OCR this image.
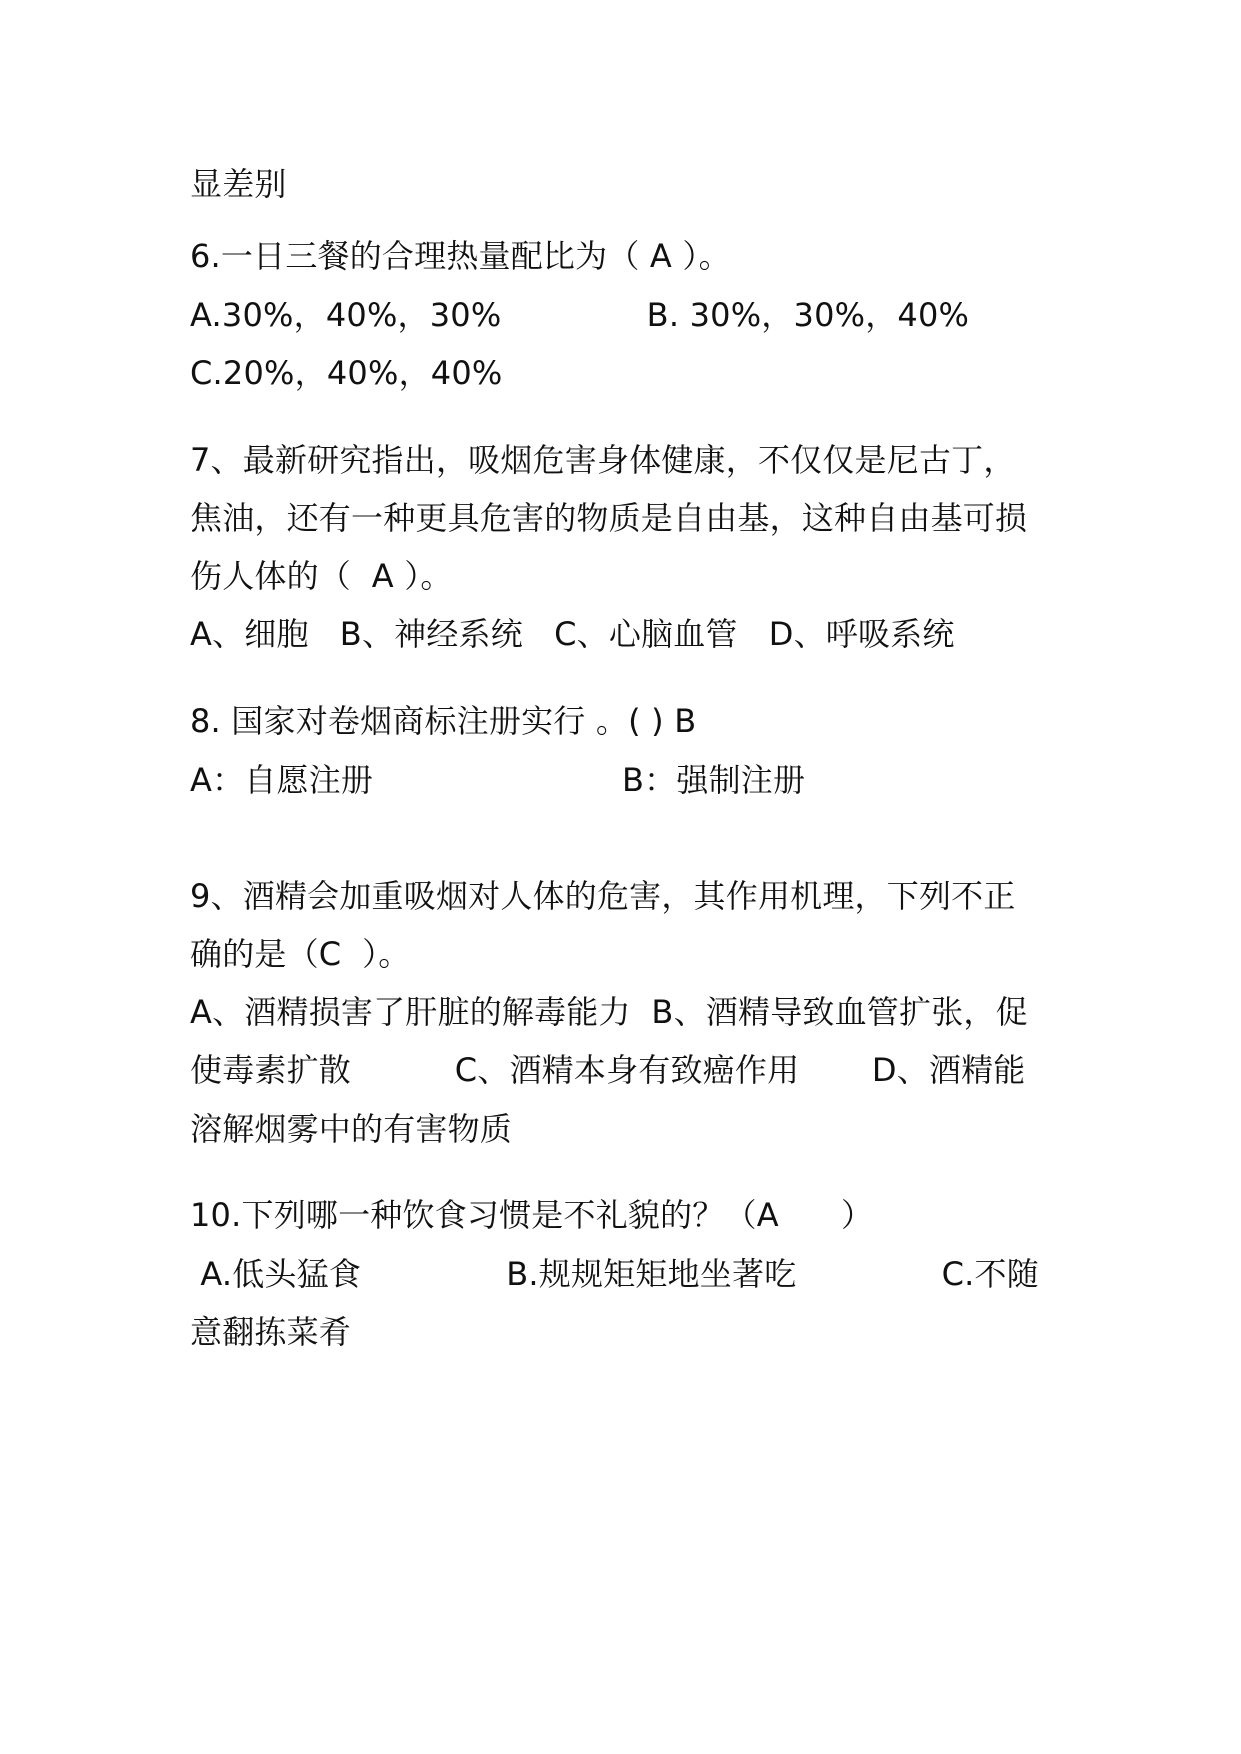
显差别
6.一日三餐的合理热量配比为（ A ）。
A.30%，40%，30%              B. 30%，30%，40%
C.20%，40%，40%
7、最新研究指出，吸烟危害身体健康，不仅仅是尼古丁，
焦油，还有一种更具危害的物质是自由基，这种自由基可损
伤人体的（  A ）。
A、细胞   B、神经系统   C、心脑血管   D、呼吸系统
8. 国家对卷烟商标注册实行 。( ) B
A：自愿注册                        B：强制注册
9、酒精会加重吸烟对人体的危害，其作用机理，下列不正
确的是（C  ）。
A、酒精损害了肝脏的解毒能力  B、酒精导致血管扩张，促
使毒素扩散          C、酒精本身有致癌作用       D、酒精能
溶解烟雾中的有害物质
10.下列哪一种饮食习惯是不礼貌的？（A      ）
A.低头猛食              B.规规矩矩地坐著吃              C.不随
意翻拣菜肴
